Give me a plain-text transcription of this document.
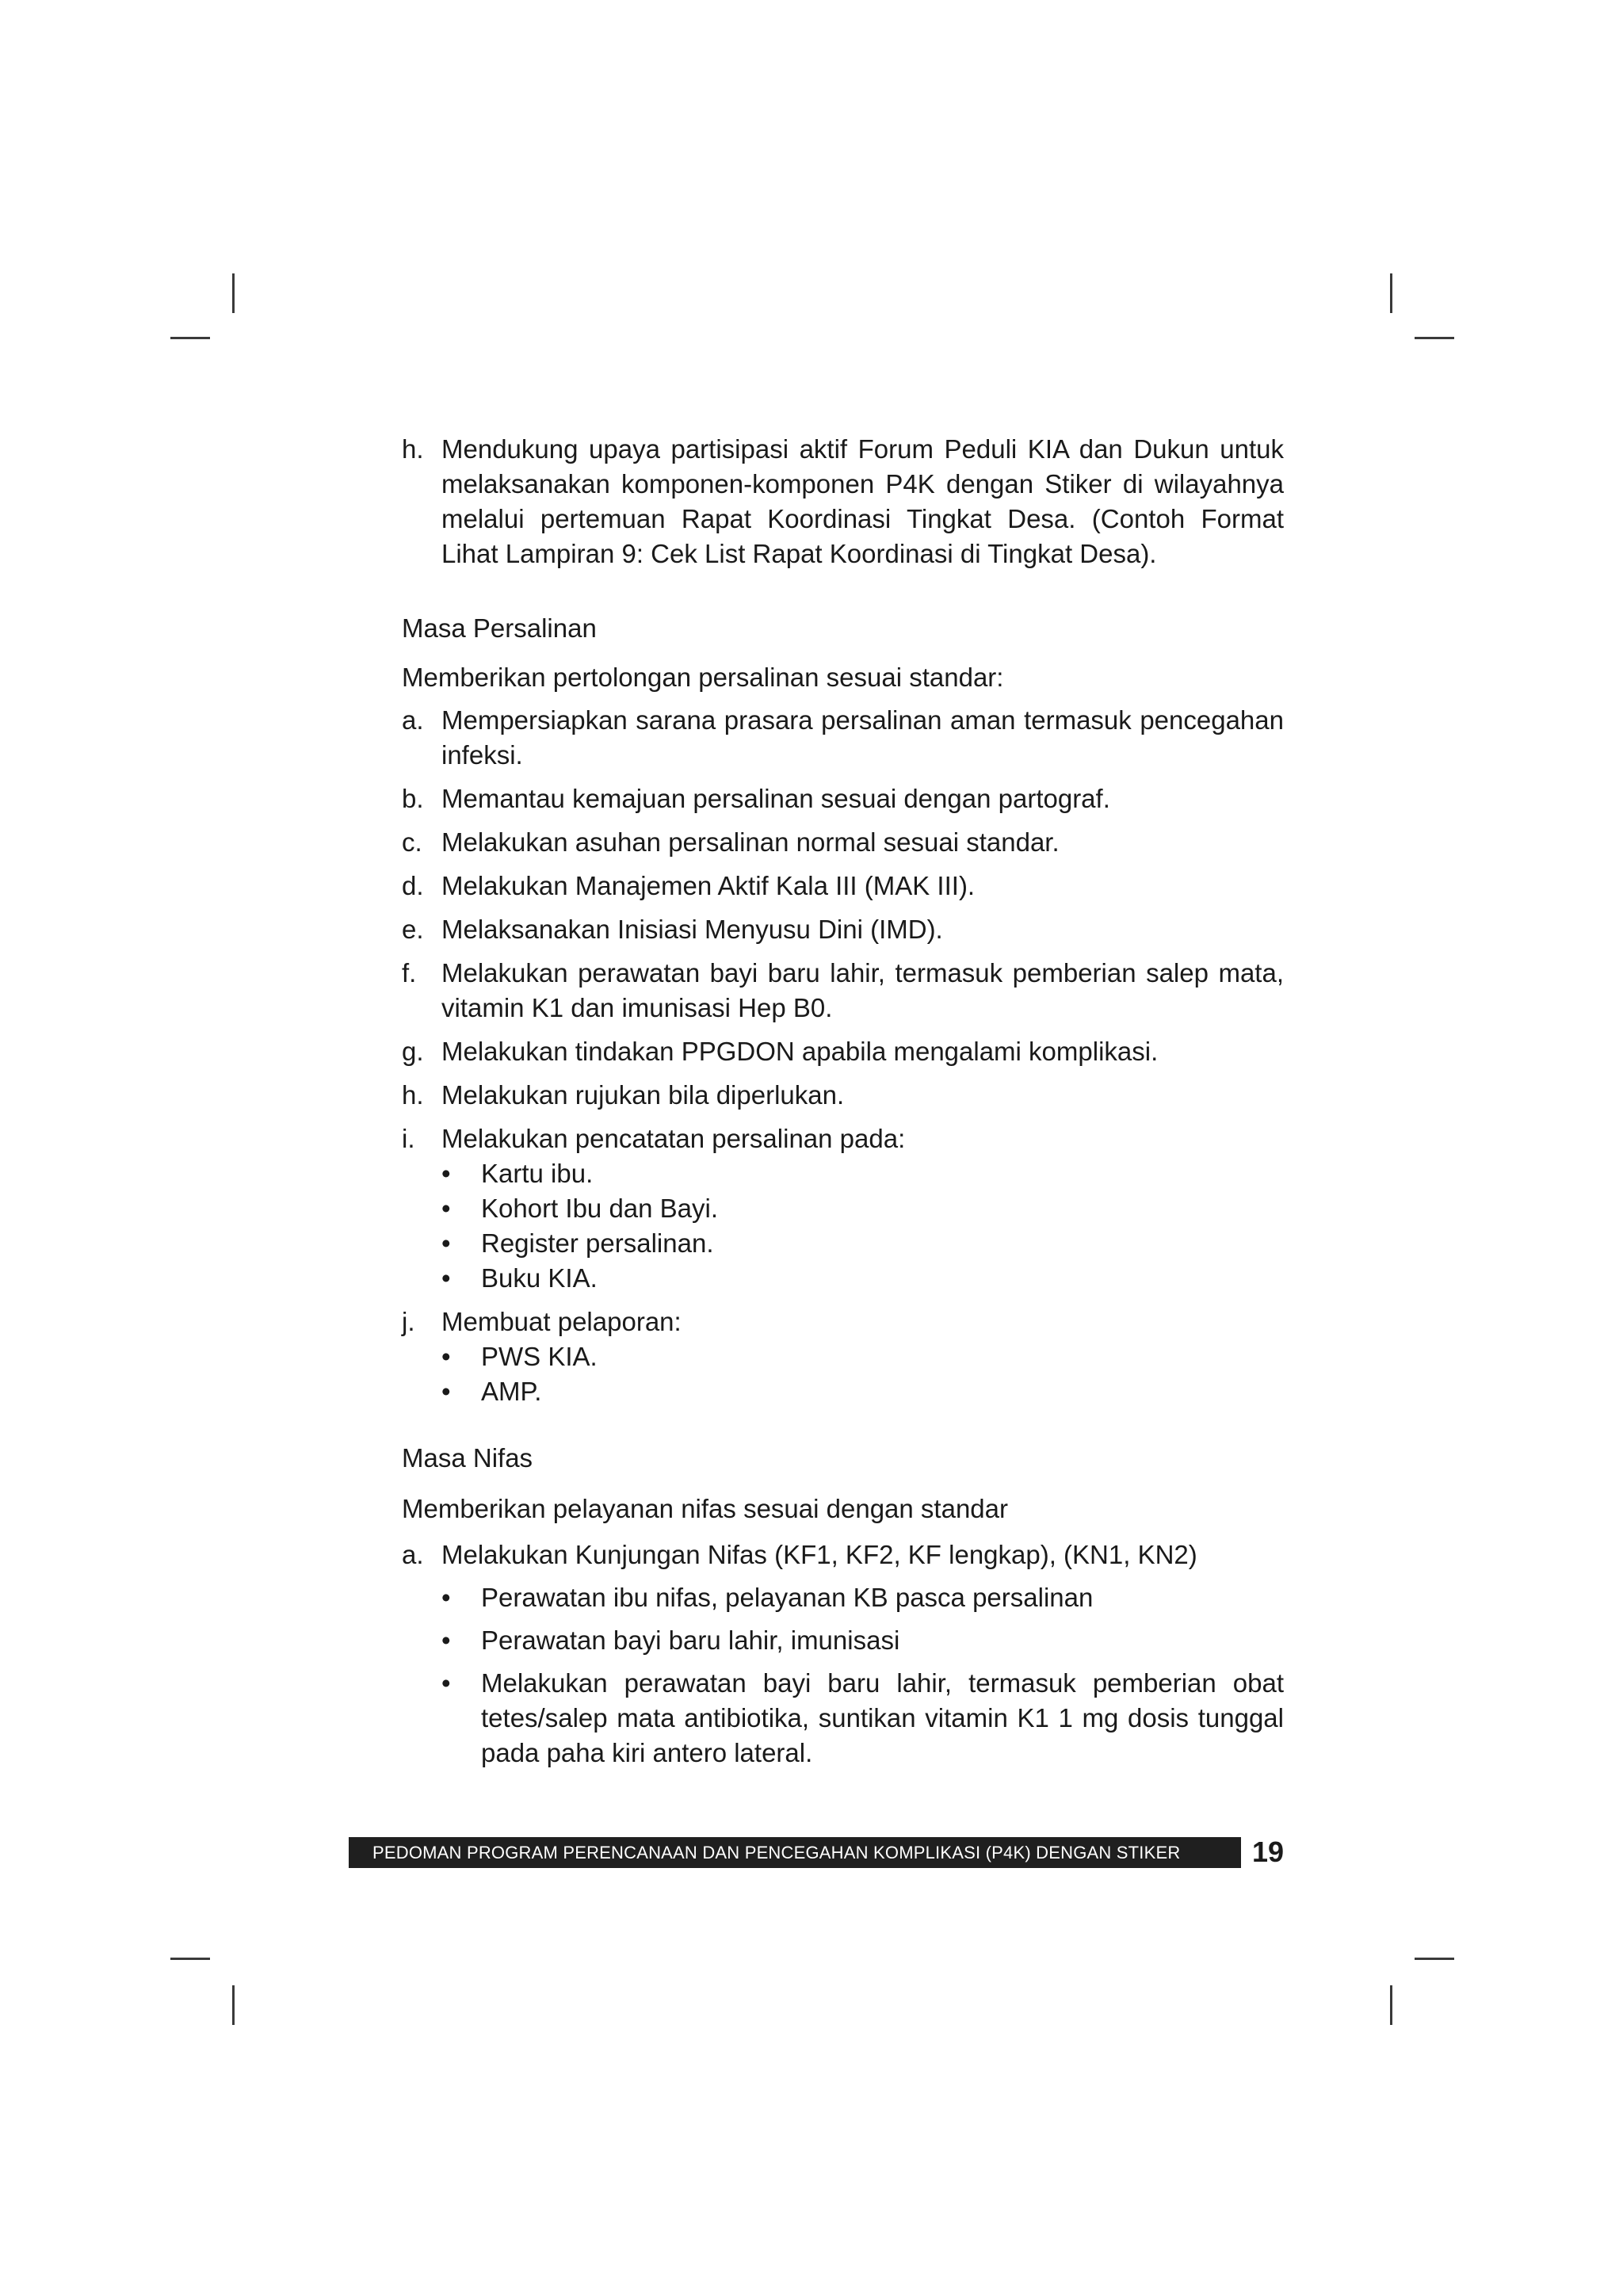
h. Mendukung upaya partisipasi aktif Forum Peduli KIA dan Dukun untuk melaksanakan komponen-komponen P4K dengan Stiker di wilayahnya melalui pertemuan Rapat Koordinasi Tingkat Desa. (Contoh Format Lihat Lampiran 9: Cek List Rapat Koordinasi di Tingkat Desa).

Masa Persalinan

Memberikan pertolongan persalinan sesuai standar:

a. Mempersiapkan sarana prasara persalinan aman termasuk pencegahan infeksi.
b. Memantau kemajuan persalinan sesuai dengan partograf.
c. Melakukan asuhan persalinan normal sesuai standar.
d. Melakukan Manajemen Aktif Kala III (MAK III).
e. Melaksanakan Inisiasi Menyusu Dini (IMD).
f. Melakukan perawatan bayi baru lahir, termasuk pemberian salep mata, vitamin K1 dan imunisasi Hep B0.
g. Melakukan tindakan PPGDON apabila mengalami komplikasi.
h. Melakukan rujukan bila diperlukan.
i.	Melakukan pencatatan persalinan pada:
•	Kartu ibu.
•	Kohort Ibu dan Bayi.
•	Register persalinan.
•	Buku KIA.
j.	Membuat pelaporan:
•	PWS KIA.
•	AMP.

Masa Nifas

Memberikan pelayanan nifas sesuai dengan standar

a. Melakukan Kunjungan Nifas (KF1, KF2, KF lengkap), (KN1, KN2)
•	Perawatan ibu nifas, pelayanan KB pasca persalinan
•	Perawatan bayi baru lahir, imunisasi
•	Melakukan perawatan bayi baru lahir, termasuk pemberian obat tetes/salep mata antibiotika, suntikan vitamin K1 1 mg dosis tunggal pada paha kiri antero lateral.
PEDOMAN PROGRAM PERENCANAAN DAN PENCEGAHAN KOMPLIKASI (P4K) DENGAN STIKER	19
